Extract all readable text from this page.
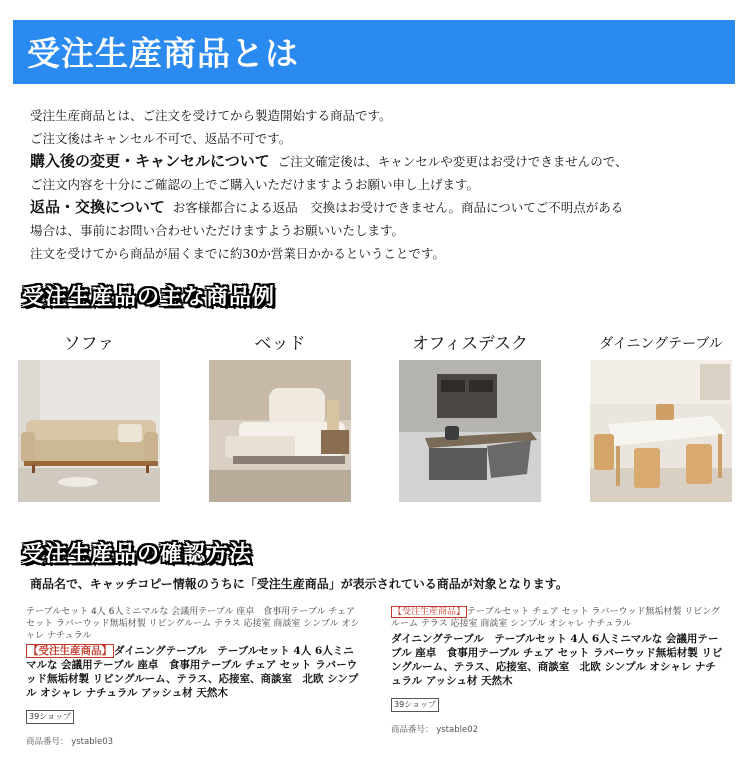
受注生産商品とは

受注生産商品とは、ご注文を受けてから製造開始する商品です。

ご注文後はキャンセル不可で、返品不可です。

購入後の変更・キャンセルについて ご注文確定後は、キャンセルや変更はお受けできませんので、

ご注文内容を十分にご確認の上でご購入いただけますようお願い申し上げます。

返品・交換について お客様都合による返品　交換はお受けできません。商品についてご不明点がある

場合は、事前にお問い合わせいただけますようお願いいたします。

注文を受けてから商品が届くまでに約30か営業日かかるということです。

受注生産品の主な商品例
ソファ	ベッド	オフィスデスク	ダイニングテーブル
受注生産品の確認方法
商品名で、キャッチコピー情報のうちに「受注生産商品」が表示されている商品が対象となります。
テーブルセット 4人 6人ミニマルな 会議用テーブル 座卓　食事用テーブル チェア セット ラバーウッド無垢材製 リビングルーム テラス 応接室 商談室 シンプル オシャレ ナチュラル
【受注生産商品】 ダイニングテーブル　テーブルセット 4人 6人ミニマルな 会議用テーブル 座卓　食事用テーブル チェア セット ラバーウッド無垢材製 リビングルーム、テラス、応接室、商談室　北欧 シンプル オシャレ ナチュラル アッシュ材 天然木
39ショップ
商品番号： ystable03
【受注生産商品】 テーブルセット チェア セット ラバーウッド無垢材製 リビングルーム テラス 応接室 商談室 シンプル オシャレ ナチュラル
ダイニングテーブル　テーブルセット 4人 6人ミニマルな 会議用テーブル 座卓　食事用テーブル チェア セット ラバーウッド無垢材製 リビングルーム、テラス、応接室、商談室　北欧 シンプル オシャレ ナチュラル アッシュ材 天然木
39ショップ
商品番号： ystable02
